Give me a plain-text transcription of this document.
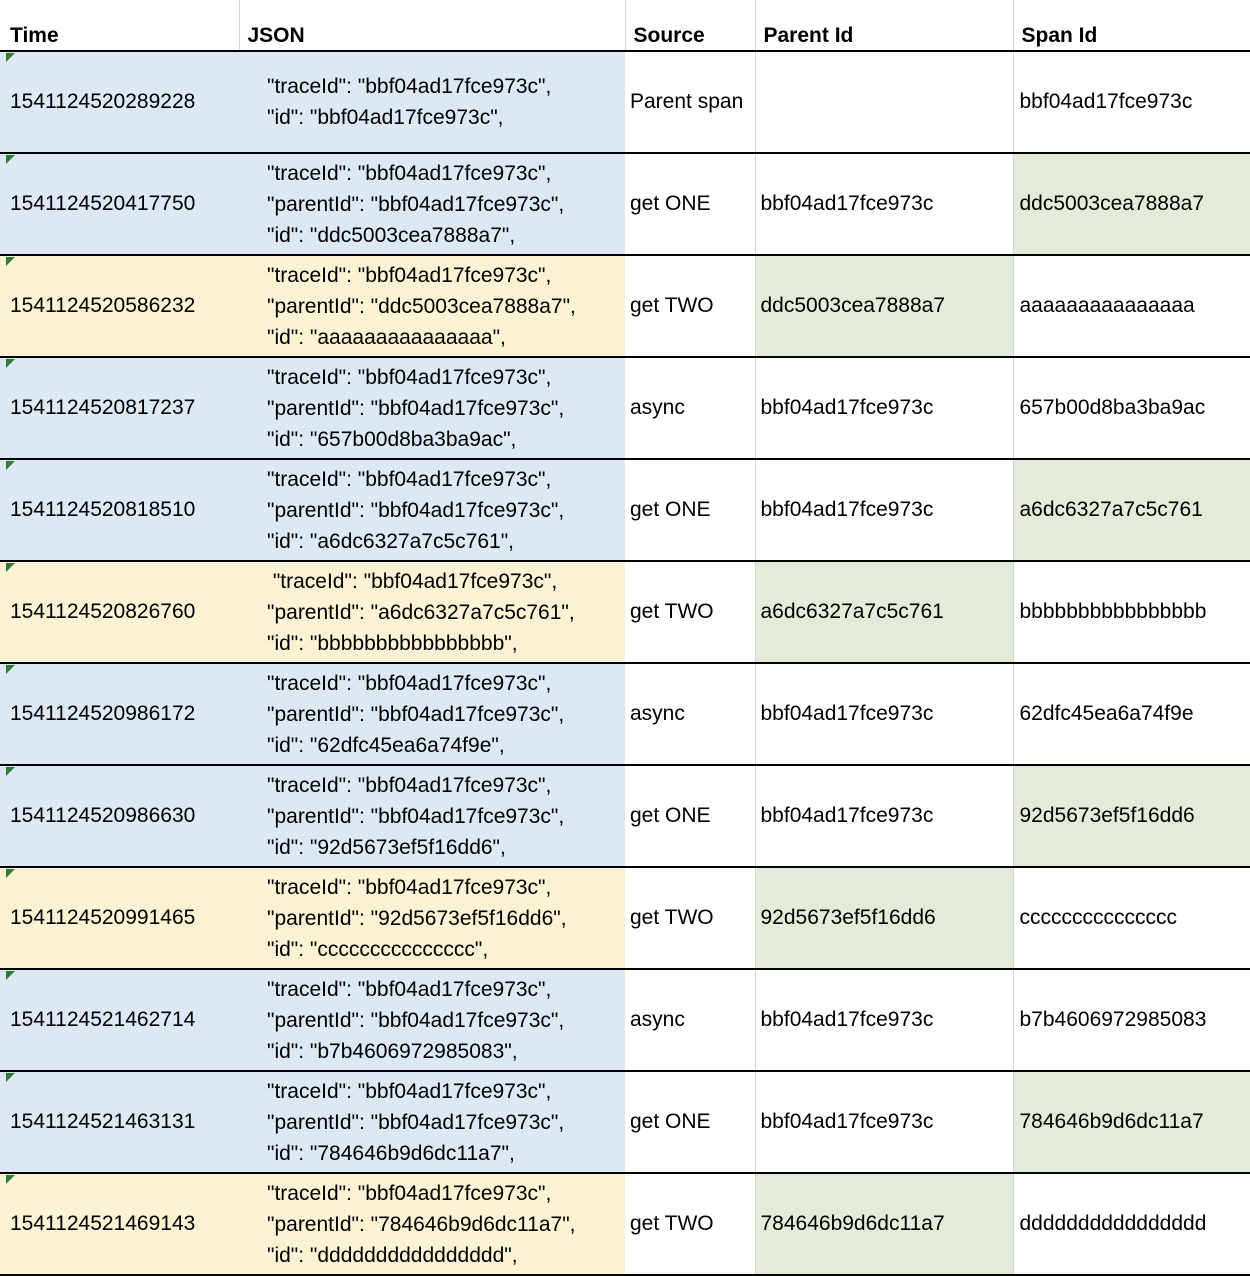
Time	JSON	Source	Parent Id	Span Id

1541124520289228	"traceId": "bbf04ad17fce973c",
"id": "bbf04ad17fce973c",	Parent span		bbf04ad17fce973c

1541124520417750	"traceId": "bbf04ad17fce973c",
"parentId": "bbf04ad17fce973c",
"id": "ddc5003cea7888a7",	get ONE	bbf04ad17fce973c	ddc5003cea7888a7

1541124520586232	"traceId": "bbf04ad17fce973c",
"parentId": "ddc5003cea7888a7",
"id": "aaaaaaaaaaaaaaa",	get TWO	ddc5003cea7888a7	aaaaaaaaaaaaaaa

1541124520817237	"traceId": "bbf04ad17fce973c",
"parentId": "bbf04ad17fce973c",
"id": "657b00d8ba3ba9ac",	async	bbf04ad17fce973c	657b00d8ba3ba9ac

1541124520818510	"traceId": "bbf04ad17fce973c",
"parentId": "bbf04ad17fce973c",
"id": "a6dc6327a7c5c761",	get ONE	bbf04ad17fce973c	a6dc6327a7c5c761

1541124520826760	"traceId": "bbf04ad17fce973c",
"parentId": "a6dc6327a7c5c761",
"id": "bbbbbbbbbbbbbbbb",	get TWO	a6dc6327a7c5c761	bbbbbbbbbbbbbbbb

1541124520986172	"traceId": "bbf04ad17fce973c",
"parentId": "bbf04ad17fce973c",
"id": "62dfc45ea6a74f9e",	async	bbf04ad17fce973c	62dfc45ea6a74f9e

1541124520986630	"traceId": "bbf04ad17fce973c",
"parentId": "bbf04ad17fce973c",
"id": "92d5673ef5f16dd6",	get ONE	bbf04ad17fce973c	92d5673ef5f16dd6

1541124520991465	"traceId": "bbf04ad17fce973c",
"parentId": "92d5673ef5f16dd6",
"id": "ccccccccccccccc",	get TWO	92d5673ef5f16dd6	ccccccccccccccc

1541124521462714	"traceId": "bbf04ad17fce973c",
"parentId": "bbf04ad17fce973c",
"id": "b7b4606972985083",	async	bbf04ad17fce973c	b7b4606972985083

1541124521463131	"traceId": "bbf04ad17fce973c",
"parentId": "bbf04ad17fce973c",
"id": "784646b9d6dc11a7",	get ONE	bbf04ad17fce973c	784646b9d6dc11a7

1541124521469143	"traceId": "bbf04ad17fce973c",
"parentId": "784646b9d6dc11a7",
"id": "dddddddddddddddd",	get TWO	784646b9d6dc11a7	dddddddddddddddd
